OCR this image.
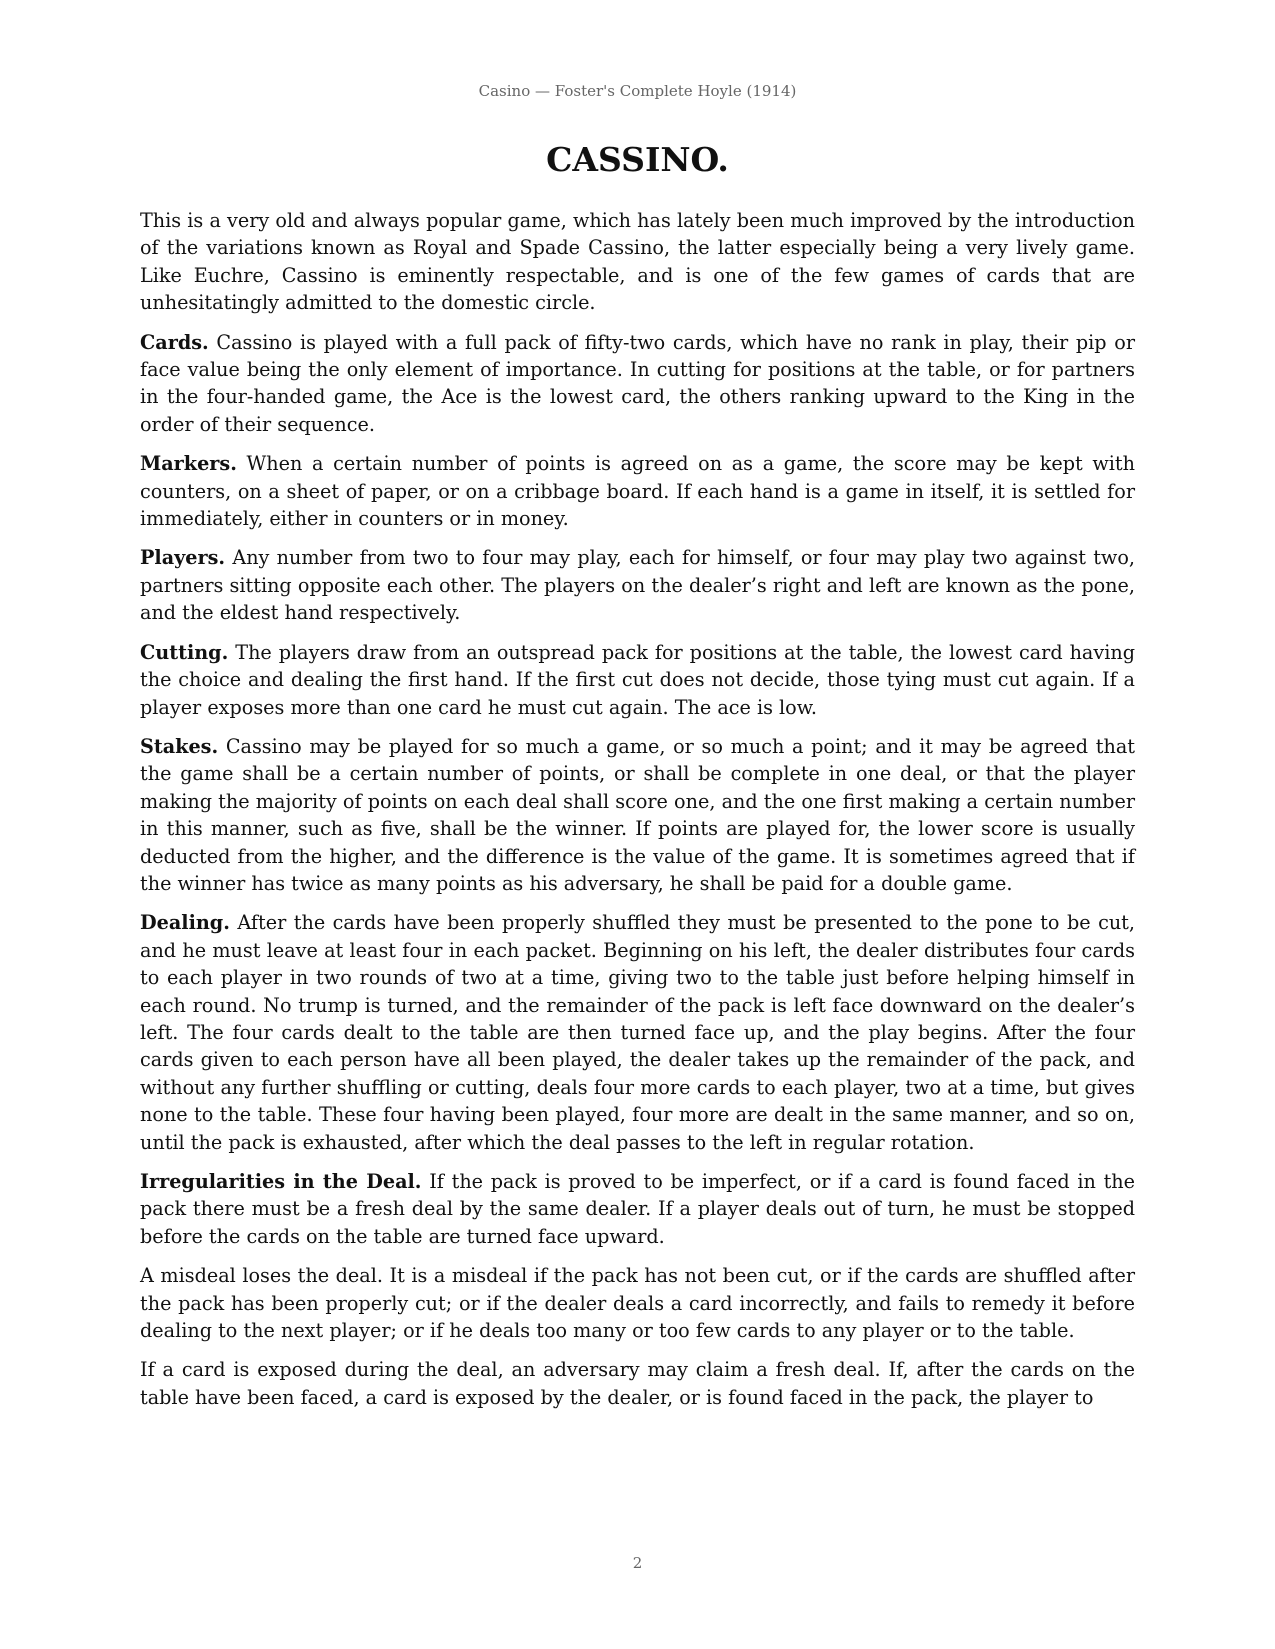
Casino — Foster's Complete Hoyle (1914)
CASSINO.

This is a very old and always popular game, which has lately been much improved by the introduction of the variations known as Royal and Spade Cassino, the latter especially being a very lively game. Like Euchre, Cassino is eminently respectable, and is one of the few games of cards that are unhesitatingly admitted to the domestic circle.

Cards. Cassino is played with a full pack of fifty-two cards, which have no rank in play, their pip or face value being the only element of importance. In cutting for positions at the table, or for partners in the four-handed game, the Ace is the lowest card, the others ranking upward to the King in the order of their sequence.

Markers. When a certain number of points is agreed on as a game, the score may be kept with counters, on a sheet of paper, or on a cribbage board. If each hand is a game in itself, it is settled for immediately, either in counters or in money.

Players. Any number from two to four may play, each for himself, or four may play two against two, partners sitting opposite each other. The players on the dealer’s right and left are known as the pone, and the eldest hand respectively.

Cutting. The players draw from an outspread pack for positions at the table, the lowest card having the choice and dealing the first hand. If the first cut does not decide, those tying must cut again. If a player exposes more than one card he must cut again. The ace is low.

Stakes. Cassino may be played for so much a game, or so much a point; and it may be agreed that the game shall be a certain number of points, or shall be complete in one deal, or that the player making the majority of points on each deal shall score one, and the one first making a certain number in this manner, such as five, shall be the winner. If points are played for, the lower score is usually deducted from the higher, and the difference is the value of the game. It is sometimes agreed that if the winner has twice as many points as his adversary, he shall be paid for a double game.

Dealing. After the cards have been properly shuffled they must be presented to the pone to be cut, and he must leave at least four in each packet. Beginning on his left, the dealer distributes four cards to each player in two rounds of two at a time, giving two to the table just before helping himself in each round. No trump is turned, and the remainder of the pack is left face downward on the dealer’s left. The four cards dealt to the table are then turned face up, and the play begins. After the four cards given to each person have all been played, the dealer takes up the remainder of the pack, and without any further shuffling or cutting, deals four more cards to each player, two at a time, but gives none to the table. These four having been played, four more are dealt in the same manner, and so on, until the pack is exhausted, after which the deal passes to the left in regular rotation.

Irregularities in the Deal. If the pack is proved to be imperfect, or if a card is found faced in the pack there must be a fresh deal by the same dealer. If a player deals out of turn, he must be stopped before the cards on the table are turned face upward.

A misdeal loses the deal. It is a misdeal if the pack has not been cut, or if the cards are shuffled after the pack has been properly cut; or if the dealer deals a card incorrectly, and fails to remedy it before dealing to the next player; or if he deals too many or too few cards to any player or to the table.

If a card is exposed during the deal, an adversary may claim a fresh deal. If, after the cards on the table have been faced, a card is exposed by the dealer, or is found faced in the pack, the player to

2
